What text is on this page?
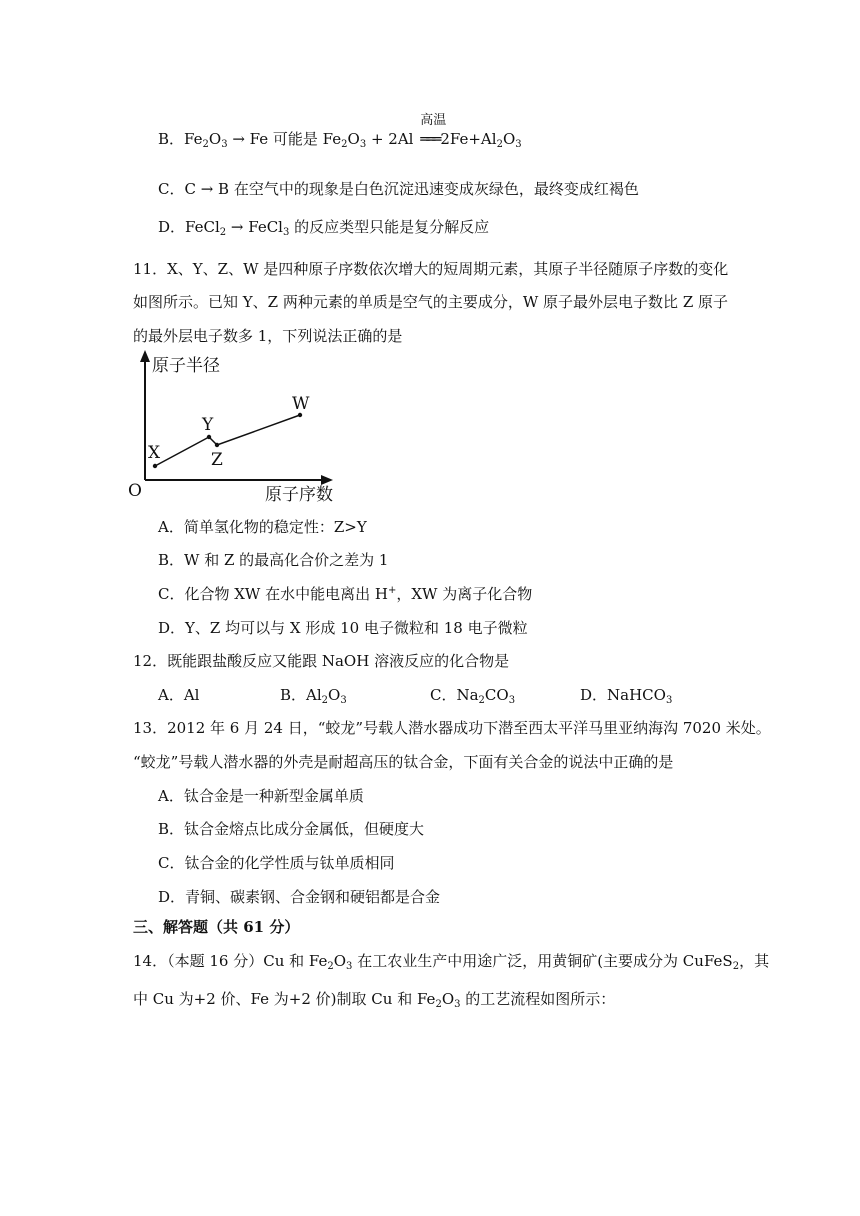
B．$Fe_2O_3 \to Fe$ 可能是 $Fe_2O_3 + 2Al$
高温
═══ $2Fe+Al_2O_3$
C．C → B 在空气中的现象是白色沉淀迅速变成灰绿色，最终变成红褐色
D．FeCl$_2$ → FeCl$_3$ 的反应类型只能是复分解反应
11．X、Y、Z、W 是四种原子序数依次增大的短周期元素，其原子半径随原子序数的变化
如图所示。已知 Y、Z 两种元素的单质是空气的主要成分，W 原子最外层电子数比 Z 原子
的最外层电子数多 1，下列说法正确的是
原子半径
原子序数
O
X
Y
Z
W
A．简单氢化物的稳定性：Z>Y
B．W 和 Z 的最高化合价之差为 1
C．化合物 XW 在水中能电离出 H+，XW 为离子化合物
D．Y、Z 均可以与 X 形成 10 电子微粒和 18 电子微粒
12．既能跟盐酸反应又能跟 NaOH 溶液反应的化合物是
A．Al	B．$Al_2O_3$	C．$Na_2CO_3$	D．NaHCO$_3$
13．2012 年 6 月 24 日，“蛟龙”号载人潜水器成功下潜至西太平洋马里亚纳海沟 7020 米处。
“蛟龙”号载人潜水器的外壳是耐超高压的钛合金，下面有关合金的说法中正确的是
A．钛合金是一种新型金属单质
B．钛合金熔点比成分金属低，但硬度大
C．钛合金的化学性质与钛单质相同
D．青铜、碳素钢、合金钢和硬铝都是合金
三、解答题（共 61 分）
14．（本题 16 分）Cu 和 $Fe_2O_3$ 在工农业生产中用途广泛，用黄铜矿(主要成分为 CuFeS$_2$，其
中 Cu 为+2 价、Fe 为+2 价)制取 Cu 和 $Fe_2O_3$ 的工艺流程如图所示：
